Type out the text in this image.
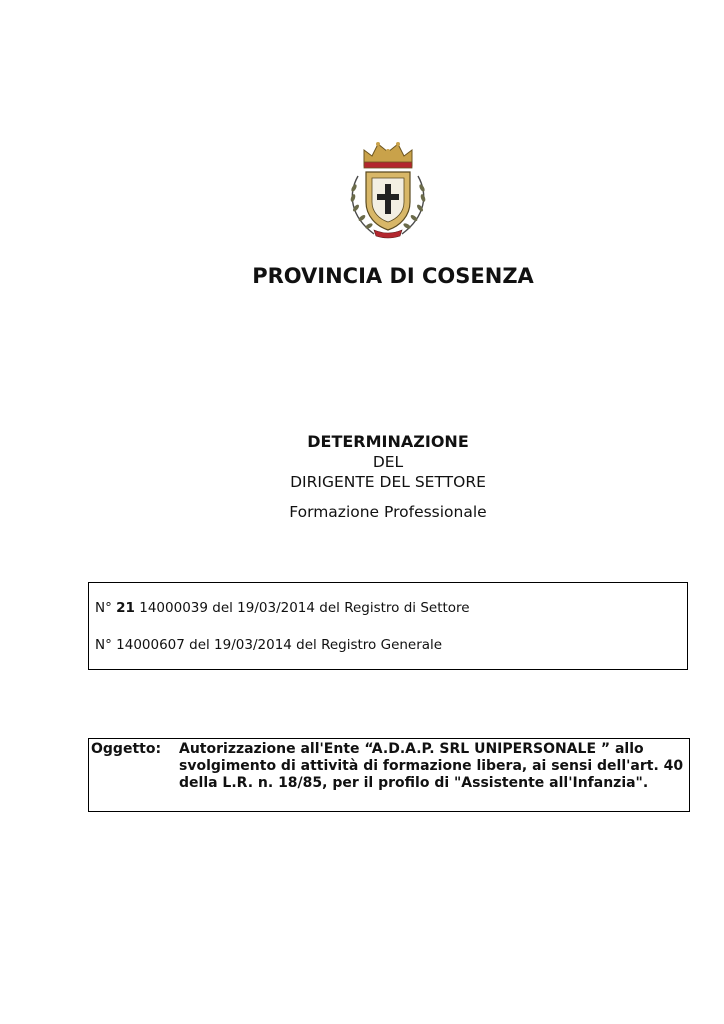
PROVINCIA DI COSENZA
DETERMINAZIONE
DEL
DIRIGENTE DEL SETTORE
Formazione Professionale
N° 21 14000039 del 19/03/2014 del Registro di Settore
N° 14000607 del 19/03/2014 del Registro Generale
Oggetto: Autorizzazione all'Ente “A.D.A.P. SRL UNIPERSONALE ” allo svolgimento di attività di formazione libera, ai sensi dell'art. 40 della L.R. n. 18/85, per il profilo di "Assistente all'Infanzia".
